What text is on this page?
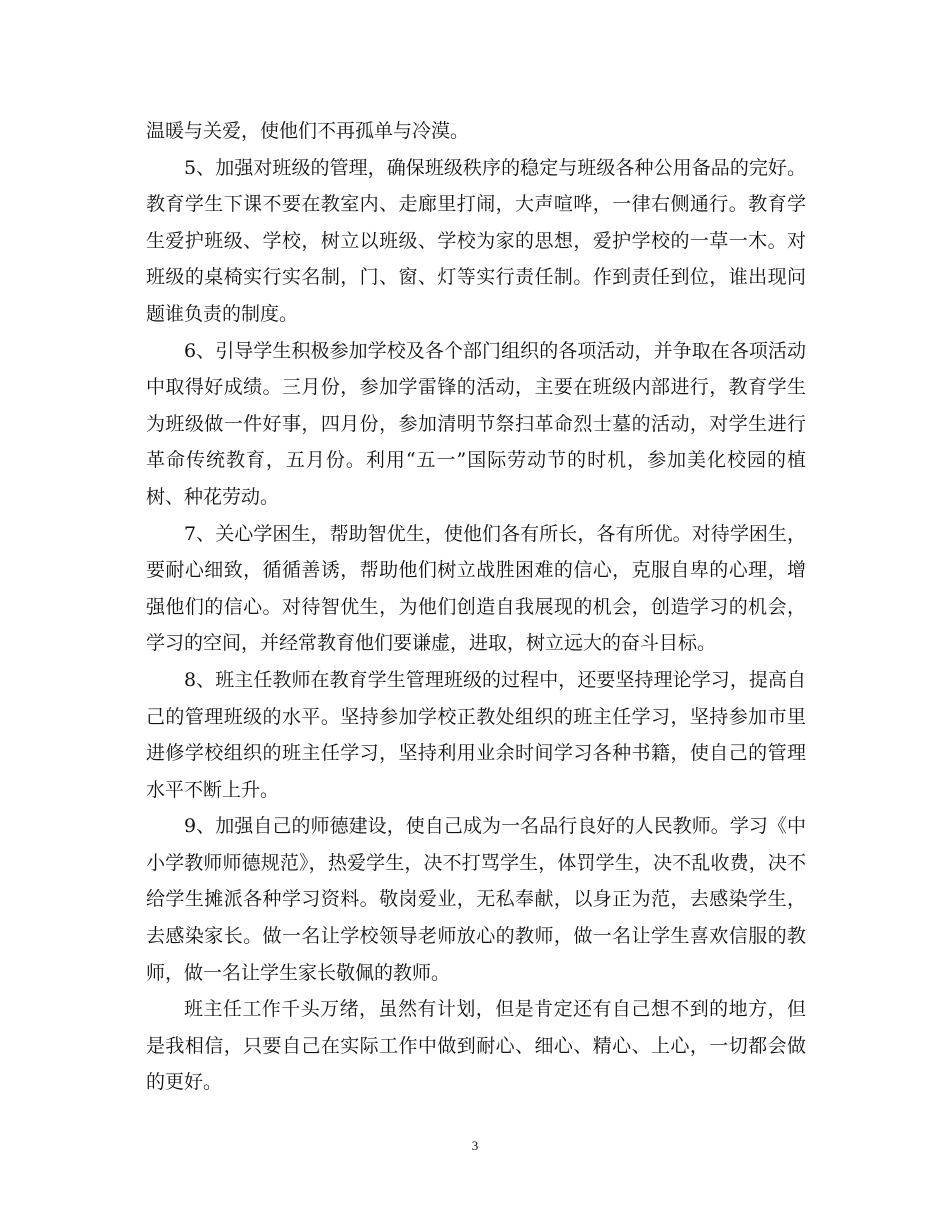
温暖与关爱，使他们不再孤单与冷漠。

5、加强对班级的管理，确保班级秩序的稳定与班级各种公用备品的完好。教育学生下课不要在教室内、走廊里打闹，大声喧哗，一律右侧通行。教育学生爱护班级、学校，树立以班级、学校为家的思想，爱护学校的一草一木。对班级的桌椅实行实名制，门、窗、灯等实行责任制。作到责任到位，谁出现问题谁负责的制度。

6、引导学生积极参加学校及各个部门组织的各项活动，并争取在各项活动中取得好成绩。三月份，参加学雷锋的活动，主要在班级内部进行，教育学生为班级做一件好事，四月份，参加清明节祭扫革命烈士墓的活动，对学生进行革命传统教育，五月份。利用“五一”国际劳动节的时机，参加美化校园的植树、种花劳动。

7、关心学困生，帮助智优生，使他们各有所长，各有所优。对待学困生，要耐心细致，循循善诱，帮助他们树立战胜困难的信心，克服自卑的心理，增强他们的信心。对待智优生，为他们创造自我展现的机会，创造学习的机会，学习的空间，并经常教育他们要谦虚，进取，树立远大的奋斗目标。

8、班主任教师在教育学生管理班级的过程中，还要坚持理论学习，提高自己的管理班级的水平。坚持参加学校正教处组织的班主任学习，坚持参加市里进修学校组织的班主任学习，坚持利用业余时间学习各种书籍，使自己的管理水平不断上升。

9、加强自己的师德建设，使自己成为一名品行良好的人民教师。学习《中小学教师师德规范》，热爱学生，决不打骂学生，体罚学生，决不乱收费，决不给学生摊派各种学习资料。敬岗爱业，无私奉献，以身正为范，去感染学生，去感染家长。做一名让学校领导老师放心的教师，做一名让学生喜欢信服的教师，做一名让学生家长敬佩的教师。

班主任工作千头万绪，虽然有计划，但是肯定还有自己想不到的地方，但是我相信，只要自己在实际工作中做到耐心、细心、精心、上心，一切都会做的更好。

3
